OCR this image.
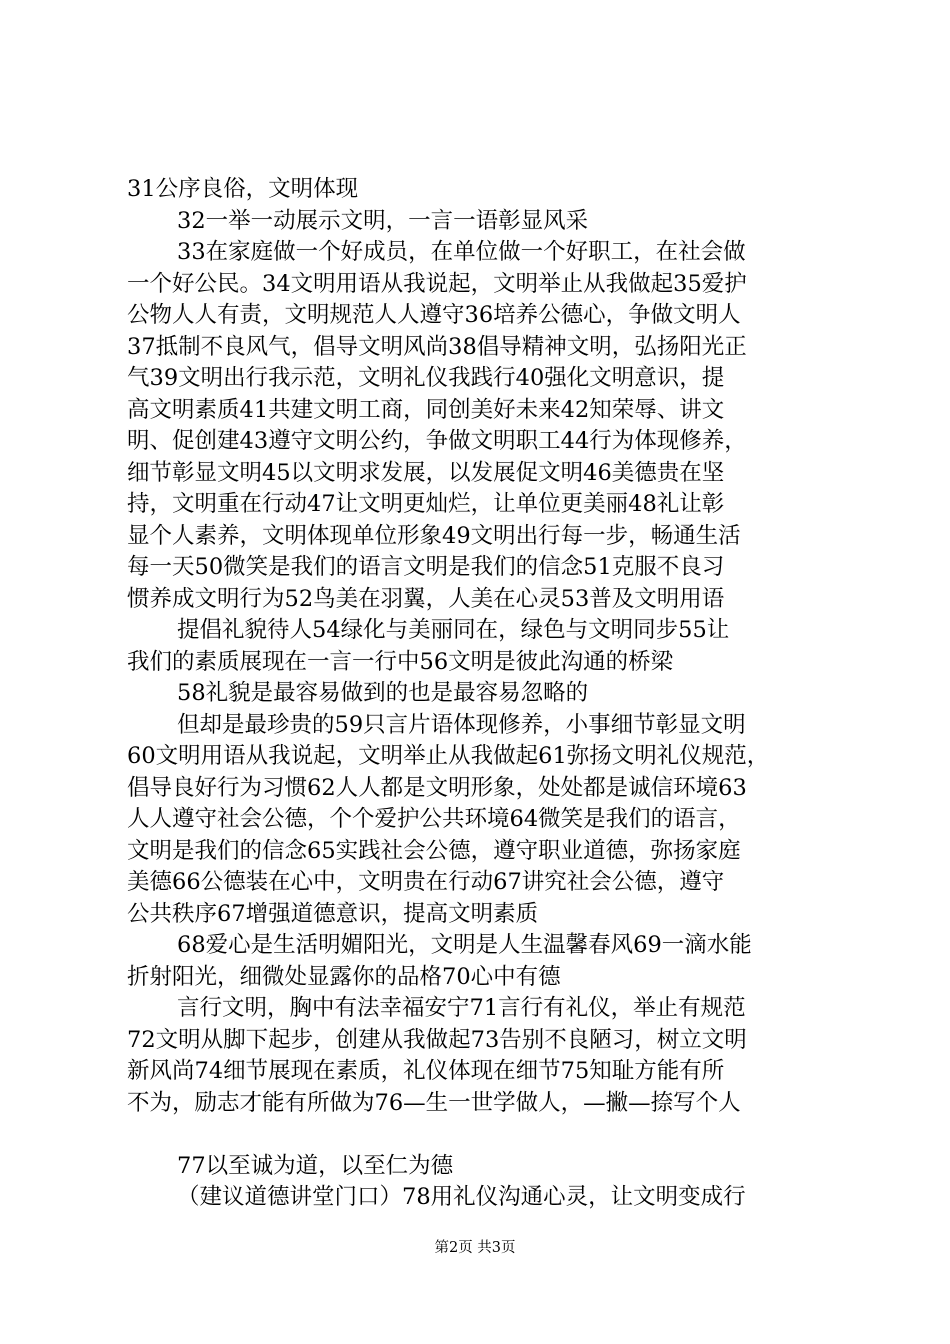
31公序良俗，文明体现
32一举一动展示文明，一言一语彰显风采
33在家庭做一个好成员，在单位做一个好职工，在社会做
一个好公民。34文明用语从我说起，文明举止从我做起35爱护
公物人人有责，文明规范人人遵守36培养公德心，争做文明人
37抵制不良风气，倡导文明风尚38倡导精神文明，弘扬阳光正
气39文明出行我示范，文明礼仪我践行40强化文明意识，提
高文明素质41共建文明工商，同创美好未来42知荣辱、讲文
明、促创建43遵守文明公约，争做文明职工44行为体现修养，
细节彰显文明45以文明求发展，以发展促文明46美德贵在坚
持，文明重在行动47让文明更灿烂，让单位更美丽48礼让彰
显个人素养，文明体现单位形象49文明出行每一步，畅通生活
每一天50微笑是我们的语言文明是我们的信念51克服不良习
惯养成文明行为52鸟美在羽翼，人美在心灵53普及文明用语
提倡礼貌待人54绿化与美丽同在，绿色与文明同步55让
我们的素质展现在一言一行中56文明是彼此沟通的桥梁
58礼貌是最容易做到的也是最容易忽略的
但却是最珍贵的59只言片语体现修养，小事细节彰显文明
60文明用语从我说起，文明举止从我做起61弥扬文明礼仪规范，
倡导良好行为习惯62人人都是文明形象，处处都是诚信环境63
人人遵守社会公德，个个爱护公共环境64微笑是我们的语言，
文明是我们的信念65实践社会公德，遵守职业道德，弥扬家庭
美德66公德装在心中，文明贵在行动67讲究社会公德，遵守
公共秩序67增强道德意识，提高文明素质
68爱心是生活明媚阳光，文明是人生温馨春风69一滴水能
折射阳光，细微处显露你的品格70心中有德
言行文明，胸中有法幸福安宁71言行有礼仪，举止有规范
72文明从脚下起步，创建从我做起73告别不良陋习，树立文明
新风尚74细节展现在素质，礼仪体现在细节75知耻方能有所
不为，励志才能有所做为76—生一世学做人，—撇—捺写个人
77以至诚为道，以至仁为德
（建议道德讲堂门口）78用礼仪沟通心灵，让文明变成行
第2页 共3页
